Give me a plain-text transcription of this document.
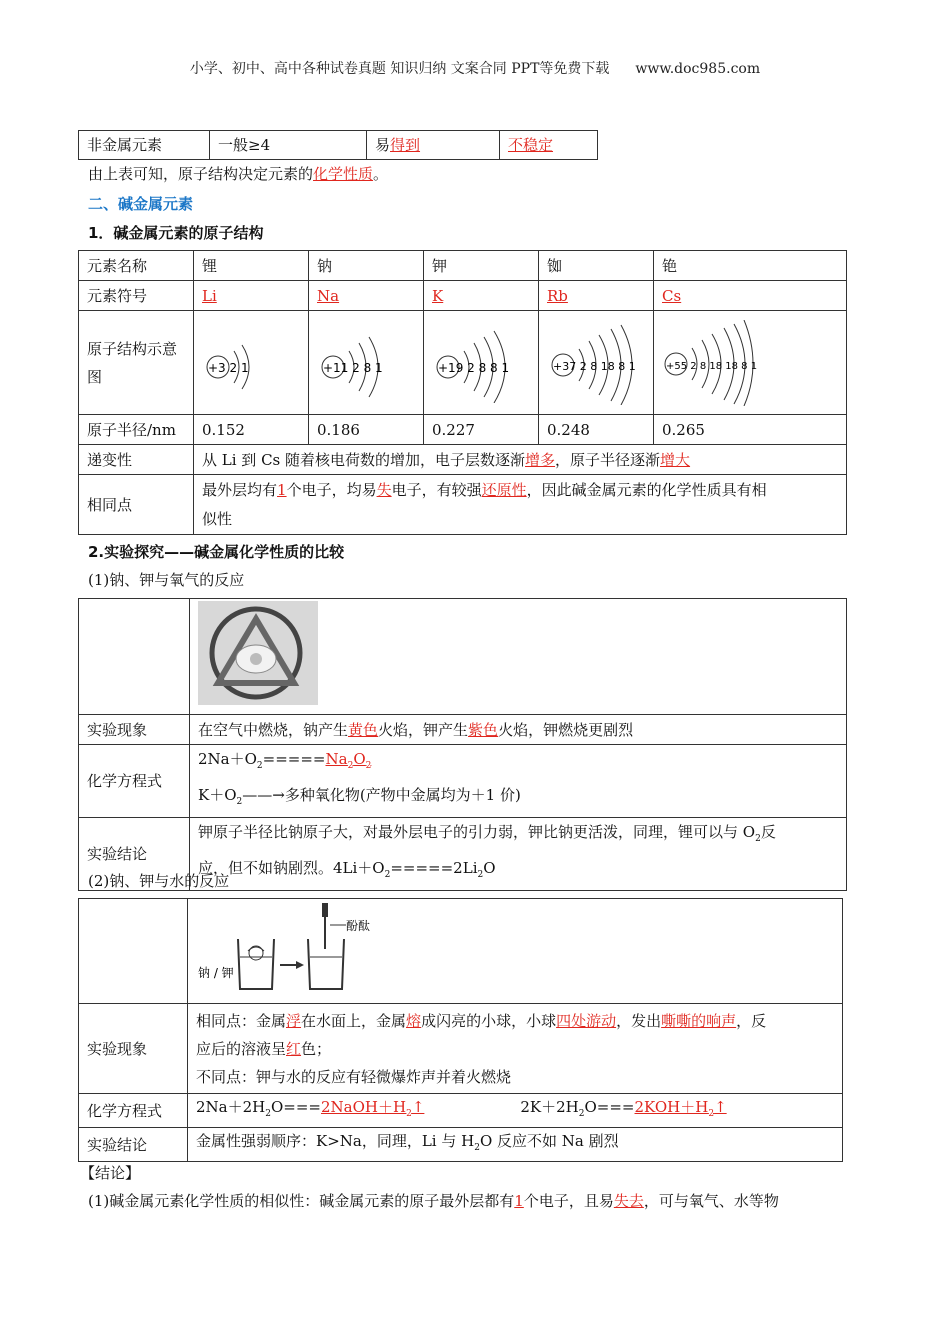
小学、初中、高中各种试卷真题 知识归纳 文案合同 PPT等免费下载 www.doc985.com
非金属元素	一般≥4	易得到	不稳定
由上表可知，原子结构决定元素的化学性质。
二、碱金属元素
1．碱金属元素的原子结构
元素名称	锂	钠	钾	铷	铯
元素符号	Li	Na	K	Rb	Cs
原子结构示意图	+3 2 1	+11 2 8 1	+19 2 8 8 1	+37 2 8 18 8 1	+55 2 8 18 18 8 1

原子半径/nm	0.152	0.186	0.227	0.248	0.265
递变性	从 Li 到 Cs 随着核电荷数的增加，电子层数逐渐增多，原子半径逐渐增大				
相同点	最外层均有1个电子，均易失电子，有较强还原性，因此碱金属元素的化学性质具有相
似性				
2.实验探究——碱金属化学性质的比较
(1)钠、钾与氧气的反应

实验现象	在空气中燃烧，钠产生黄色火焰，钾产生紫色火焰，钾燃烧更剧烈
化学方程式	$2Na+O_2=====Na_2O_2$
$K+O_2——\to$多种氧化物(产物中金属均为＋1 价)
实验结论	钾原子半径比钠原子大，对最外层电子的引力弱，钾比钠更活泼，同理，锂可以与 $O_2$反
应，但不如钠剧烈。$4Li+O_2=====2Li_2O$
(2)钠、钾与水的反应

钠 / 钾
酚酞

实验现象	相同点：金属浮在水面上，金属熔成闪亮的小球，小球四处游动，发出嘶嘶的响声，反
应后的溶液呈红色；
不同点：钾与水的反应有轻微爆炸声并着火燃烧
化学方程式	$2Na+2H_2O===2NaOH+H_2↑$ $2K+2H_2O===2KOH+H_2↑$
实验结论	金属性强弱顺序：K>Na，同理，Li 与 $H_2O$ 反应不如 Na 剧烈
【结论】
(1)碱金属元素化学性质的相似性：碱金属元素的原子最外层都有1个电子，且易失去，可与氧气、水等物
